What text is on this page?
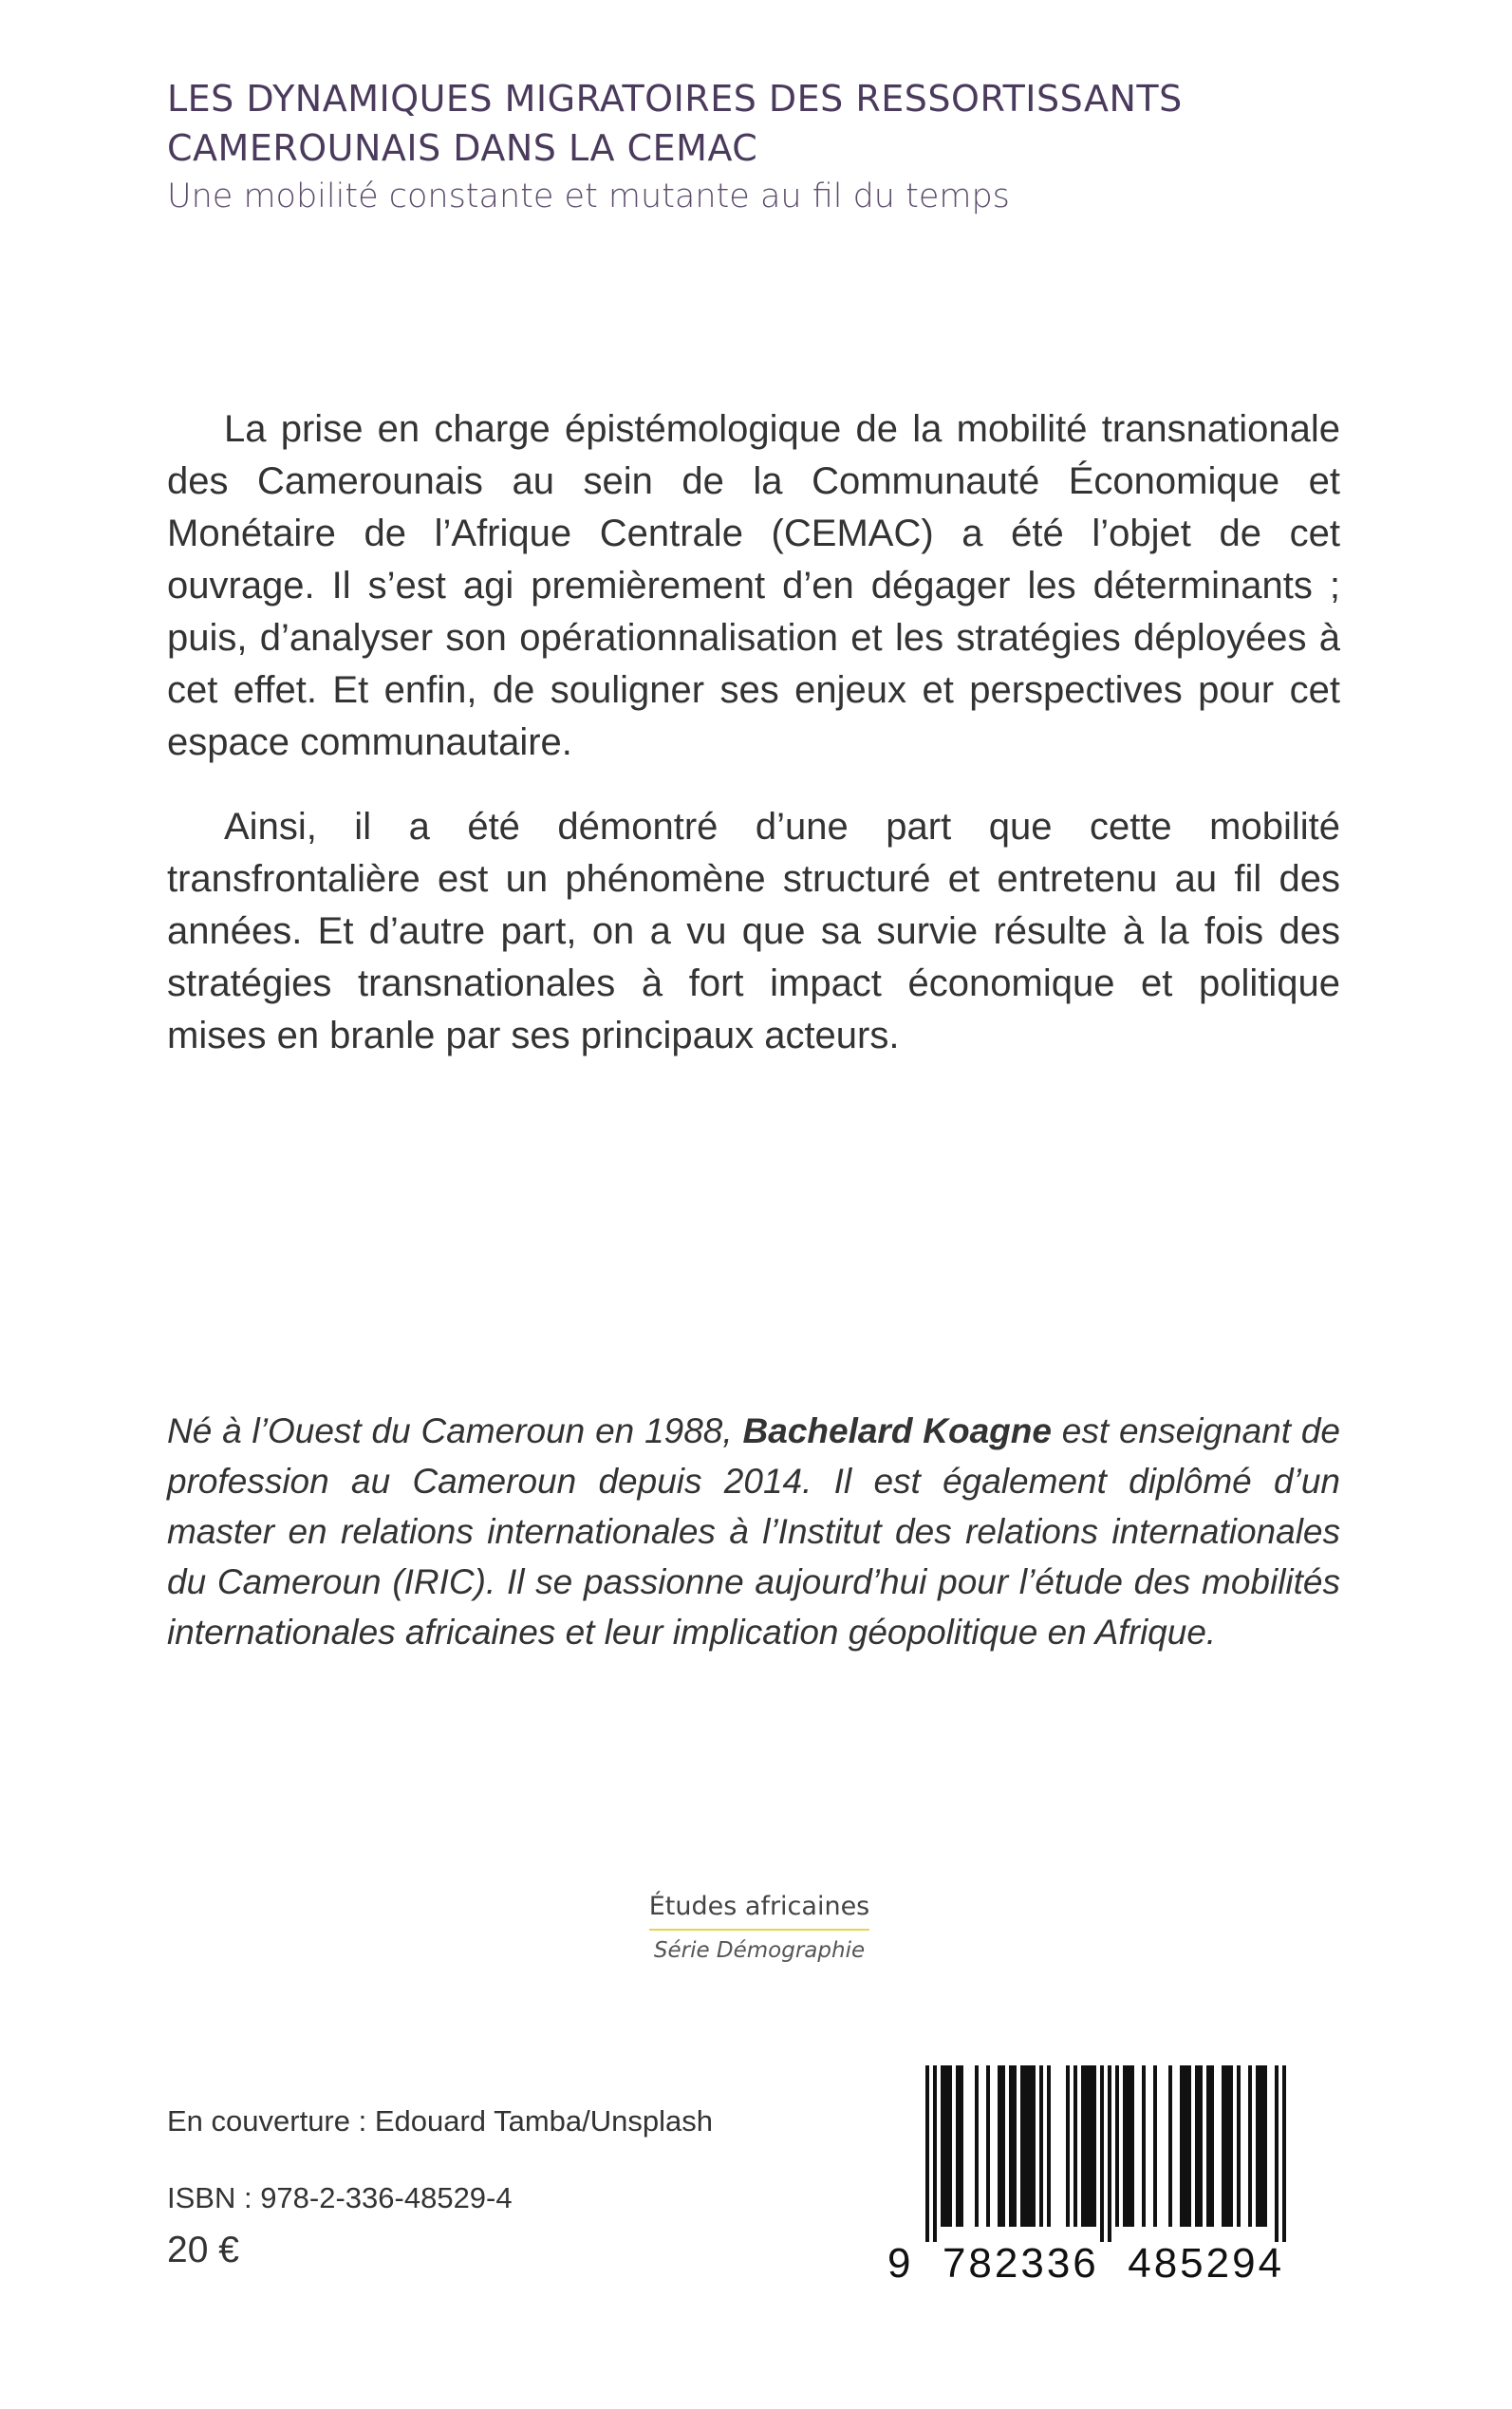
LES DYNAMIQUES MIGRATOIRES DES RESSORTISSANTS
CAMEROUNAIS DANS LA CEMAC
Une mobilité constante et mutante au fil du temps

La prise en charge épistémologique de la mobilité transnationale des Camerounais au sein de la Communauté Économique et Monétaire de l’Afrique Centrale (CEMAC) a été l’objet de cet ouvrage. Il s’est agi premièrement d’en dégager les déterminants ; puis, d’analyser son opérationnalisation et les stratégies déployées à cet effet. Et enfin, de souligner ses enjeux et perspectives pour cet espace communautaire.

Ainsi, il a été démontré d’une part que cette mobilité transfrontalière est un phénomène structuré et entretenu au fil des années. Et d’autre part, on a vu que sa survie résulte à la fois des stratégies transnationales à fort impact économique et politique mises en branle par ses principaux acteurs.

Né à l’Ouest du Cameroun en 1988, Bachelard Koagne est enseignant de profession au Cameroun depuis 2014. Il est également diplômé d’un master en relations internationales à l’Institut des relations internationales du Cameroun (IRIC). Il se passionne aujourd’hui pour l’étude des mobilités internationales africaines et leur implication géopolitique en Afrique.

Études africaines
Série Démographie
En couverture : Edouard Tamba/Unsplash
ISBN : 978-2-336-48529-4
20 €	9 782336 485294
